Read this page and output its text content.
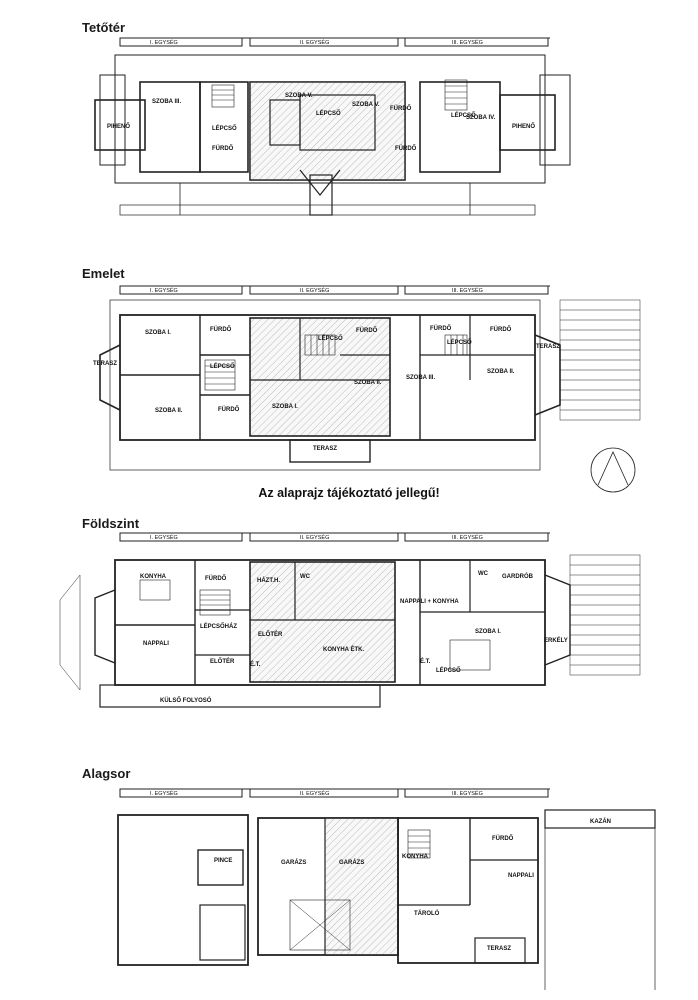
Tetőtér
Emelet
Földszint
Alagsor
I. EGYSÉG	II. EGYSÉG	III. EGYSÉG
PIHENŐ
SZOBA III.
LÉPCSŐ
FÜRDŐ
SZOBA V.
LÉPCSŐ
SZOBA V.
FÜRDŐ
LÉPCSŐ
FÜRDŐ
SZOBA IV.
PIHENŐ
I. EGYSÉG	II. EGYSÉG	III. EGYSÉG
SZOBA I.	FÜRDŐ
TERASZ	LÉPCSŐ
SZOBA II.	FÜRDŐ
LÉPCSŐ
FÜRDŐ
SZOBA I.
SZOBA II.
TERASZ
FÜRDŐ	FÜRDŐ
LÉPCSŐ
SZOBA III.
SZOBA II.
TERASZ
I. EGYSÉG	II. EGYSÉG	III. EGYSÉG
KONYHA	FÜRDŐ
LÉPCSŐHÁZ
NAPPALI
ELŐTÉR	É.T.
HÁZT.H.
WC
ELŐTÉR
KONYHA ÉTK.
NAPPALI + KONYHA
WC GARDRÓB
SZOBA I.
ERKÉLY
LÉPCSŐ
É.T.
KÜLSŐ FOLYOSÓ
I. EGYSÉG	II. EGYSÉG	III. EGYSÉG
PINCE	GARÁZS	GARÁZS
KONYHA
FÜRDŐ
NAPPALI
TÁROLÓ
TERASZ
KAZÁN
Az alaprajz tájékoztató jellegű!
